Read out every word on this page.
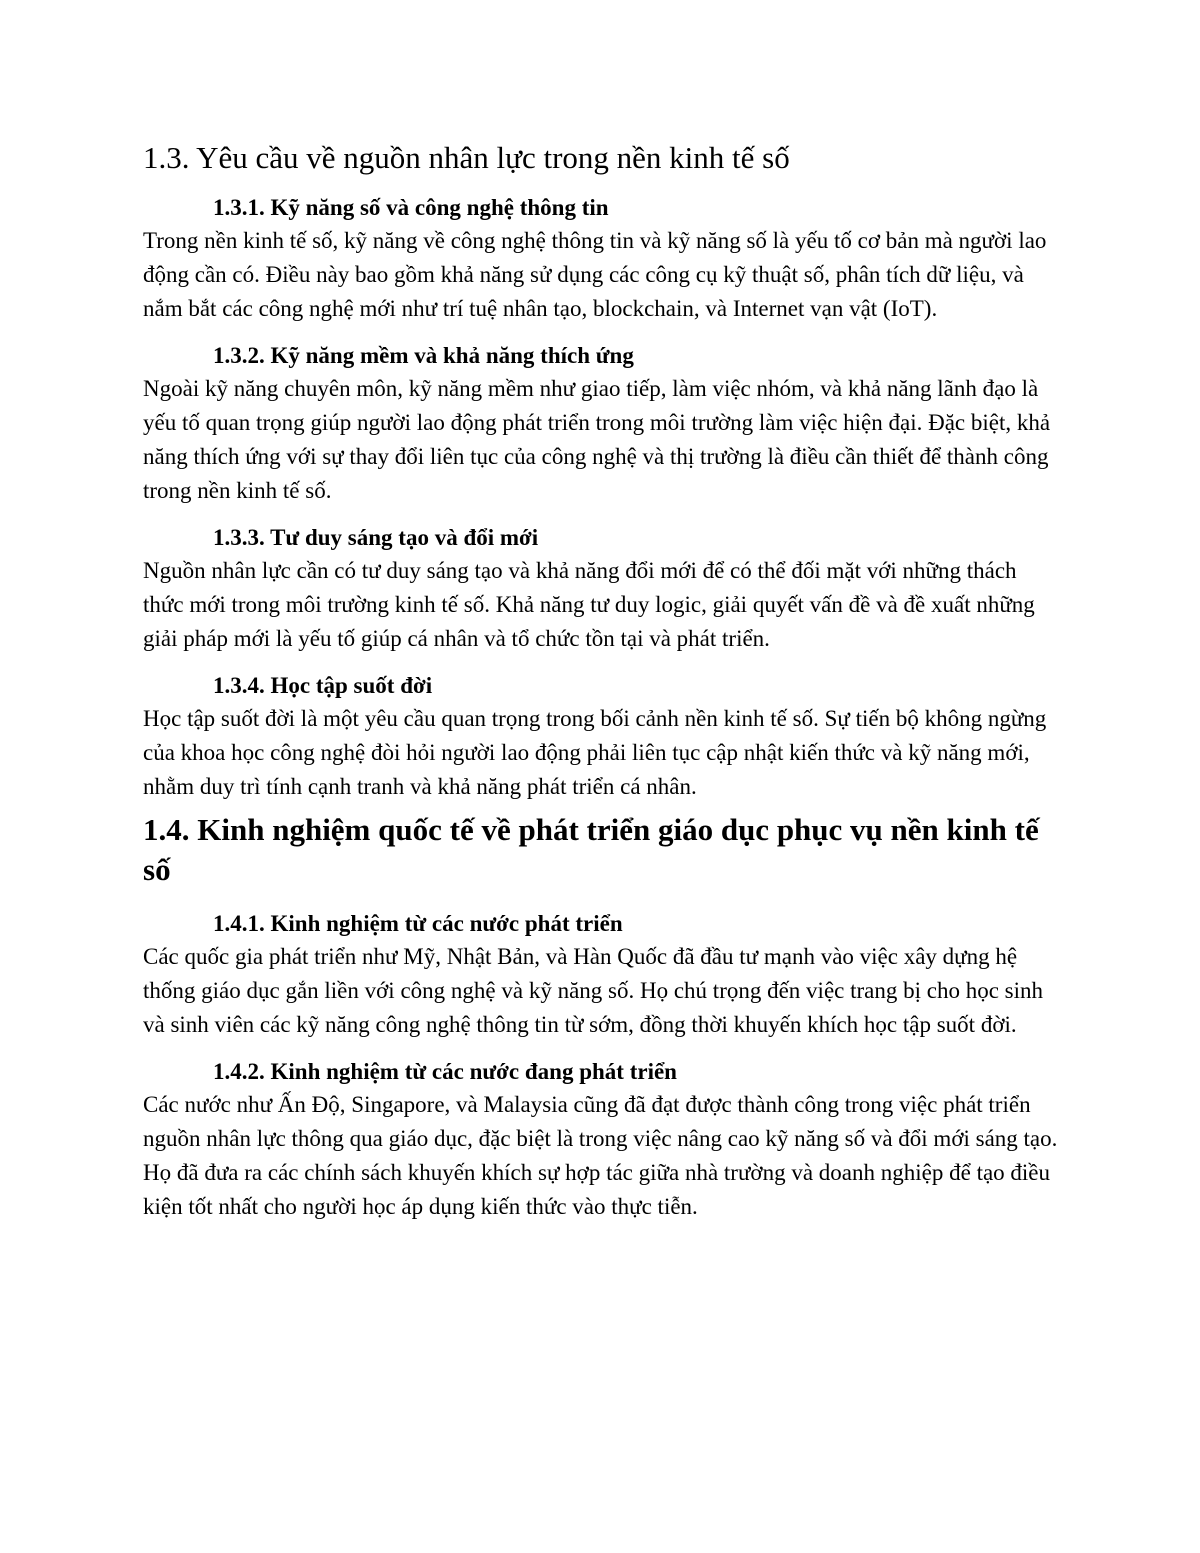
1.3. Yêu cầu về nguồn nhân lực trong nền kinh tế số
1.3.1. Kỹ năng số và công nghệ thông tin

Trong nền kinh tế số, kỹ năng về công nghệ thông tin và kỹ năng số là yếu tố cơ bản mà người lao động cần có. Điều này bao gồm khả năng sử dụng các công cụ kỹ thuật số, phân tích dữ liệu, và nắm bắt các công nghệ mới như trí tuệ nhân tạo, blockchain, và Internet vạn vật (IoT).

1.3.2. Kỹ năng mềm và khả năng thích ứng

Ngoài kỹ năng chuyên môn, kỹ năng mềm như giao tiếp, làm việc nhóm, và khả năng lãnh đạo là yếu tố quan trọng giúp người lao động phát triển trong môi trường làm việc hiện đại. Đặc biệt, khả năng thích ứng với sự thay đổi liên tục của công nghệ và thị trường là điều cần thiết để thành công trong nền kinh tế số.

1.3.3. Tư duy sáng tạo và đổi mới

Nguồn nhân lực cần có tư duy sáng tạo và khả năng đổi mới để có thể đối mặt với những thách thức mới trong môi trường kinh tế số. Khả năng tư duy logic, giải quyết vấn đề và đề xuất những giải pháp mới là yếu tố giúp cá nhân và tổ chức tồn tại và phát triển.

1.3.4. Học tập suốt đời

Học tập suốt đời là một yêu cầu quan trọng trong bối cảnh nền kinh tế số. Sự tiến bộ không ngừng của khoa học công nghệ đòi hỏi người lao động phải liên tục cập nhật kiến thức và kỹ năng mới, nhằm duy trì tính cạnh tranh và khả năng phát triển cá nhân.

1.4. Kinh nghiệm quốc tế về phát triển giáo dục phục vụ nền kinh tế số
1.4.1. Kinh nghiệm từ các nước phát triển

Các quốc gia phát triển như Mỹ, Nhật Bản, và Hàn Quốc đã đầu tư mạnh vào việc xây dựng hệ thống giáo dục gắn liền với công nghệ và kỹ năng số. Họ chú trọng đến việc trang bị cho học sinh và sinh viên các kỹ năng công nghệ thông tin từ sớm, đồng thời khuyến khích học tập suốt đời.

1.4.2. Kinh nghiệm từ các nước đang phát triển

Các nước như Ấn Độ, Singapore, và Malaysia cũng đã đạt được thành công trong việc phát triển nguồn nhân lực thông qua giáo dục, đặc biệt là trong việc nâng cao kỹ năng số và đổi mới sáng tạo. Họ đã đưa ra các chính sách khuyến khích sự hợp tác giữa nhà trường và doanh nghiệp để tạo điều kiện tốt nhất cho người học áp dụng kiến thức vào thực tiễn.
